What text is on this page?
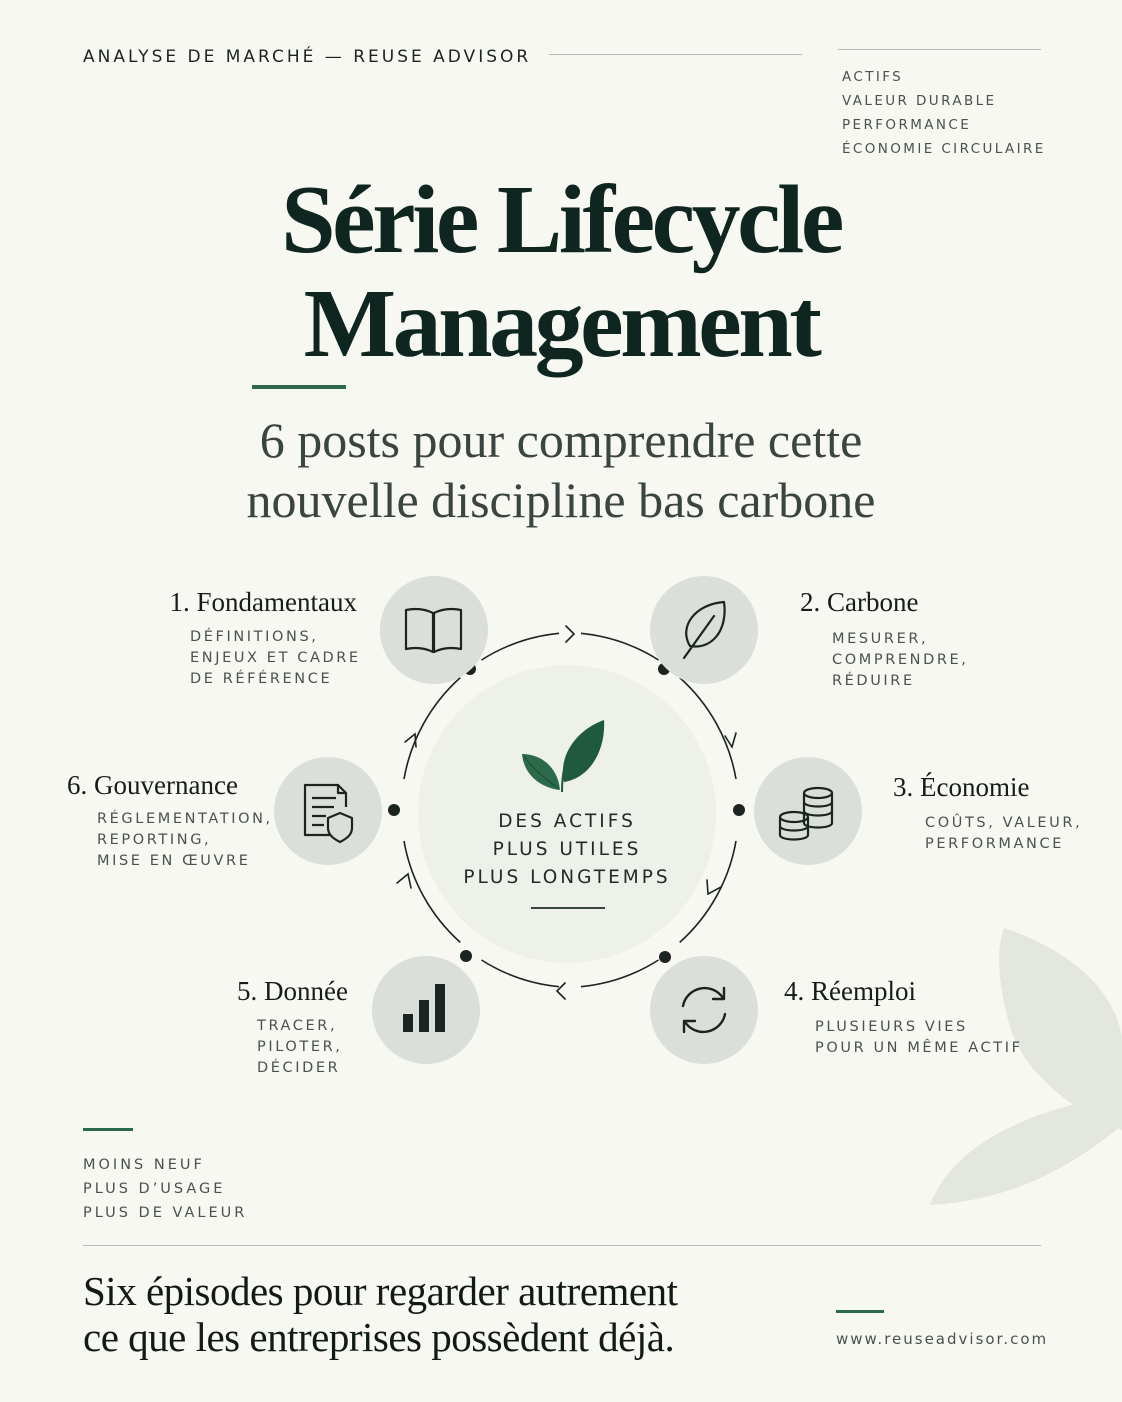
ANALYSE DE MARCHÉ — REUSE ADVISOR
ACTIFS
VALEUR DURABLE
PERFORMANCE
ÉCONOMIE CIRCULAIRE
Série Lifecycle
Management
6 posts pour comprendre cette
nouvelle discipline bas carbone
DES ACTIFS
PLUS UTILES
PLUS LONGTEMPS
1. Fondamentaux
DÉFINITIONS,
ENJEUX ET CADRE
DE RÉFÉRENCE
2. Carbone
MESURER,
COMPRENDRE,
RÉDUIRE
3. Économie
COÛTS, VALEUR,
PERFORMANCE
4. Réemploi
PLUSIEURS VIES
POUR UN MÊME ACTIF
5. Donnée
TRACER,
PILOTER,
DÉCIDER
6. Gouvernance
RÉGLEMENTATION,
REPORTING,
MISE EN ŒUVRE
MOINS NEUF
PLUS D’USAGE
PLUS DE VALEUR
Six épisodes pour regarder autrement
ce que les entreprises possèdent déjà.	www.reuseadvisor.com
